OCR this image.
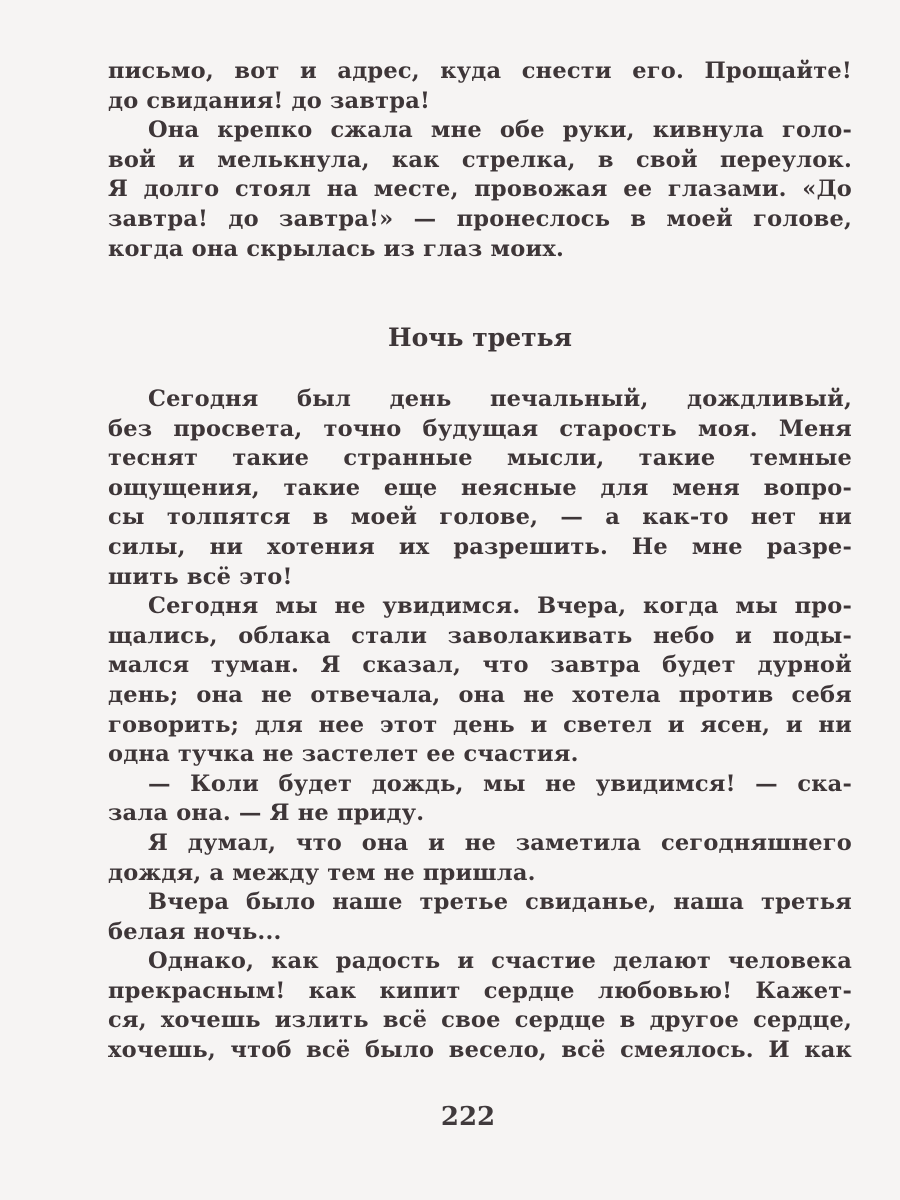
письмо, вот и адрес, куда снести его. Прощайте!
до свидания! до завтра!
Она крепко сжала мне обе руки, кивнула голо-
вой и мелькнула, как стрелка, в свой переулок.
Я долго стоял на месте, провожая ее глазами. «До
завтра! до завтра!» — пронеслось в моей голове,
когда она скрылась из глаз моих.
Ночь третья
Сегодня был день печальный, дождливый,
без просвета, точно будущая старость моя. Меня
теснят такие странные мысли, такие темные
ощущения, такие еще неясные для меня вопро-
сы толпятся в моей голове, — а как-то нет ни
силы, ни хотения их разрешить. Не мне разре-
шить всё это!
Сегодня мы не увидимся. Вчера, когда мы про-
щались, облака стали заволакивать небо и поды-
мался туман. Я сказал, что завтра будет дурной
день; она не отвечала, она не хотела против себя
говорить; для нее этот день и светел и ясен, и ни
одна тучка не застелет ее счастия.
— Коли будет дождь, мы не увидимся! — ска-
зала она. — Я не приду.
Я думал, что она и не заметила сегодняшнего
дождя, а между тем не пришла.
Вчера было наше третье свиданье, наша третья
белая ночь...
Однако, как радость и счастие делают человека
прекрасным! как кипит сердце любовью! Кажет-
ся, хочешь излить всё свое сердце в другое сердце,
хочешь, чтоб всё было весело, всё смеялось. И как
222
